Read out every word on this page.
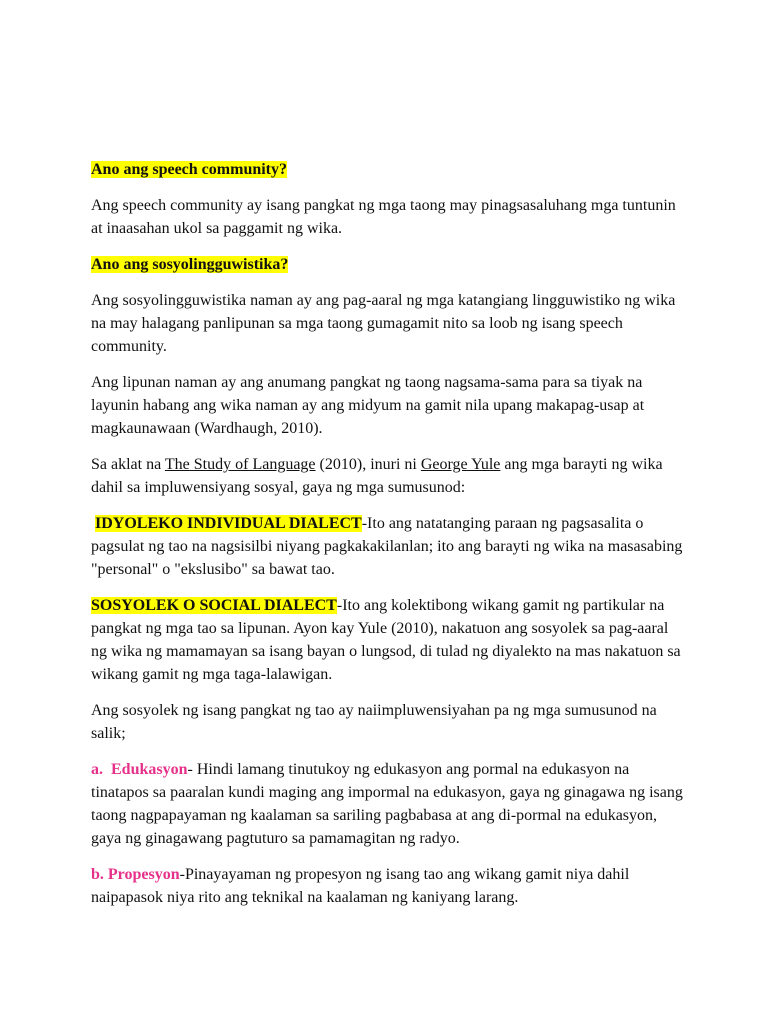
Ano ang speech community?

Ang speech community ay isang pangkat ng mga taong may pinagsasaluhang mga tuntunin at inaasahan ukol sa paggamit ng wika.

Ano ang sosyolingguwistika?

Ang sosyolingguwistika naman ay ang pag-aaral ng mga katangiang lingguwistiko ng wika na may halagang panlipunan sa mga taong gumagamit nito sa loob ng isang speech community.

Ang lipunan naman ay ang anumang pangkat ng taong nagsama-sama para sa tiyak na layunin habang ang wika naman ay ang midyum na gamit nila upang makapag-usap at magkaunawaan (Wardhaugh, 2010).

Sa aklat na The Study of Language (2010), inuri ni George Yule ang mga barayti ng wika dahil sa impluwensiyang sosyal, gaya ng mga sumusunod:

IDYOLEKO INDIVIDUAL DIALECT-Ito ang natatanging paraan ng pagsasalita o pagsulat ng tao na nagsisilbi niyang pagkakakilanlan; ito ang barayti ng wika na masasabing "personal" o "ekslusibo" sa bawat tao.

SOSYOLEK O SOCIAL DIALECT-Ito ang kolektibong wikang gamit ng partikular na pangkat ng mga tao sa lipunan. Ayon kay Yule (2010), nakatuon ang sosyolek sa pag-aaral ng wika ng mamamayan sa isang bayan o lungsod, di tulad ng diyalekto na mas nakatuon sa wikang gamit ng mga taga-lalawigan.

Ang sosyolek ng isang pangkat ng tao ay naiimpluwensiyahan pa ng mga sumusunod na salik;

a.  Edukasyon- Hindi lamang tinutukoy ng edukasyon ang pormal na edukasyon na tinatapos sa paaralan kundi maging ang impormal na edukasyon, gaya ng ginagawa ng isang taong nagpapayaman ng kaalaman sa sariling pagbabasa at ang di-pormal na edukasyon, gaya ng ginagawang pagtuturo sa pamamagitan ng radyo.

b. Propesyon-Pinayayaman ng propesyon ng isang tao ang wikang gamit niya dahil naipapasok niya rito ang teknikal na kaalaman ng kaniyang larang.
